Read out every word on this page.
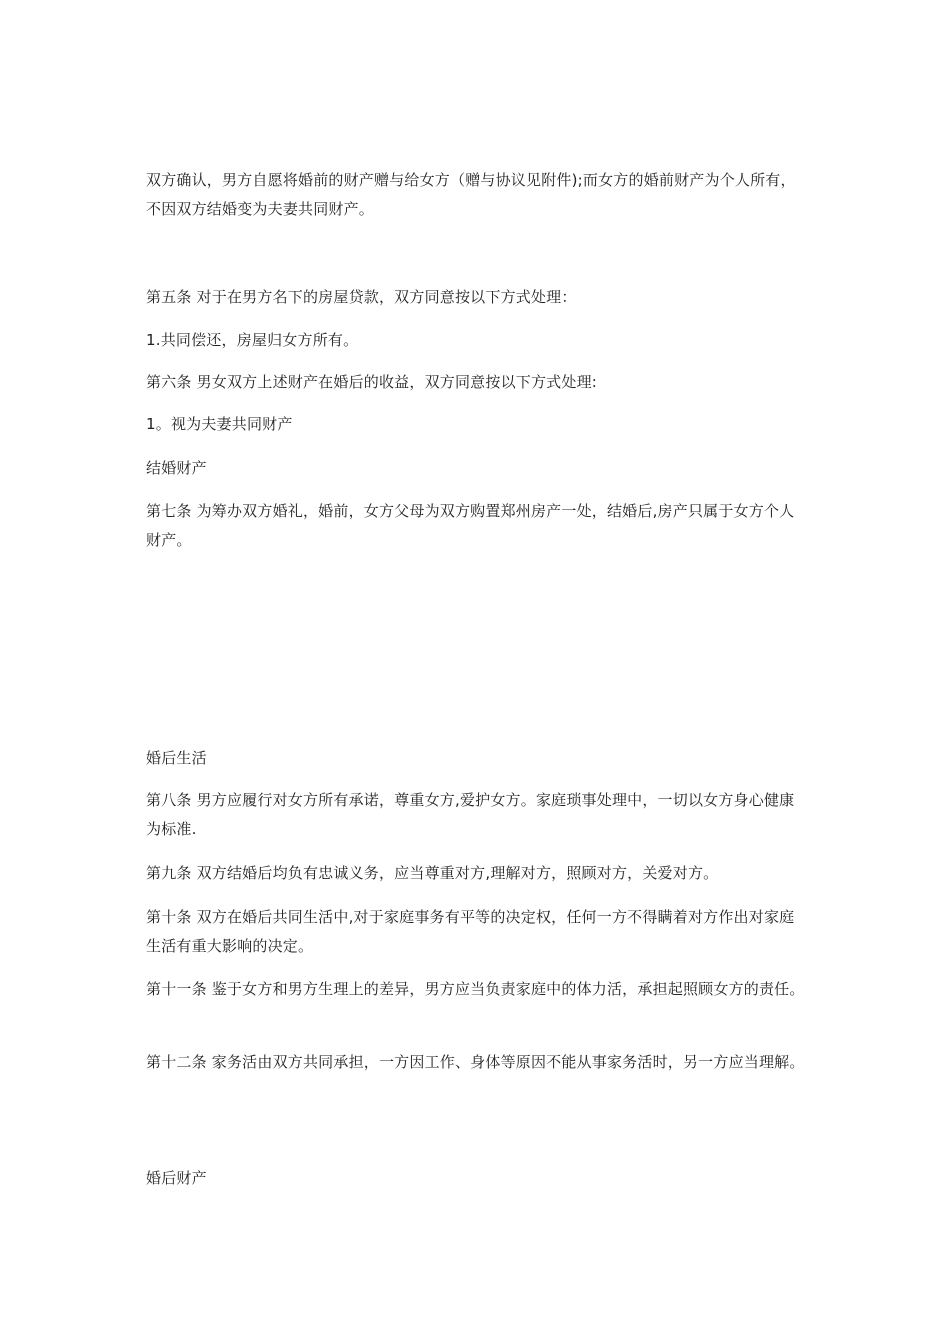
双方确认，男方自愿将婚前的财产赠与给女方（赠与协议见附件);而女方的婚前财产为个人所有，不因双方结婚变为夫妻共同财产。

第五条 对于在男方名下的房屋贷款，双方同意按以下方式处理：

1.共同偿还，房屋归女方所有。

第六条 男女双方上述财产在婚后的收益，双方同意按以下方式处理:

1。视为夫妻共同财产

结婚财产

第七条 为筹办双方婚礼，婚前，女方父母为双方购置郑州房产一处，结婚后,房产只属于女方个人财产。

婚后生活

第八条 男方应履行对女方所有承诺，尊重女方,爱护女方。家庭琐事处理中，一切以女方身心健康为标准.

第九条 双方结婚后均负有忠诚义务，应当尊重对方,理解对方，照顾对方，关爱对方。

第十条 双方在婚后共同生活中,对于家庭事务有平等的决定权，任何一方不得瞒着对方作出对家庭生活有重大影响的决定。

第十一条 鉴于女方和男方生理上的差异，男方应当负责家庭中的体力活，承担起照顾女方的责任。

第十二条 家务活由双方共同承担，一方因工作、身体等原因不能从事家务活时，另一方应当理解。

婚后财产
